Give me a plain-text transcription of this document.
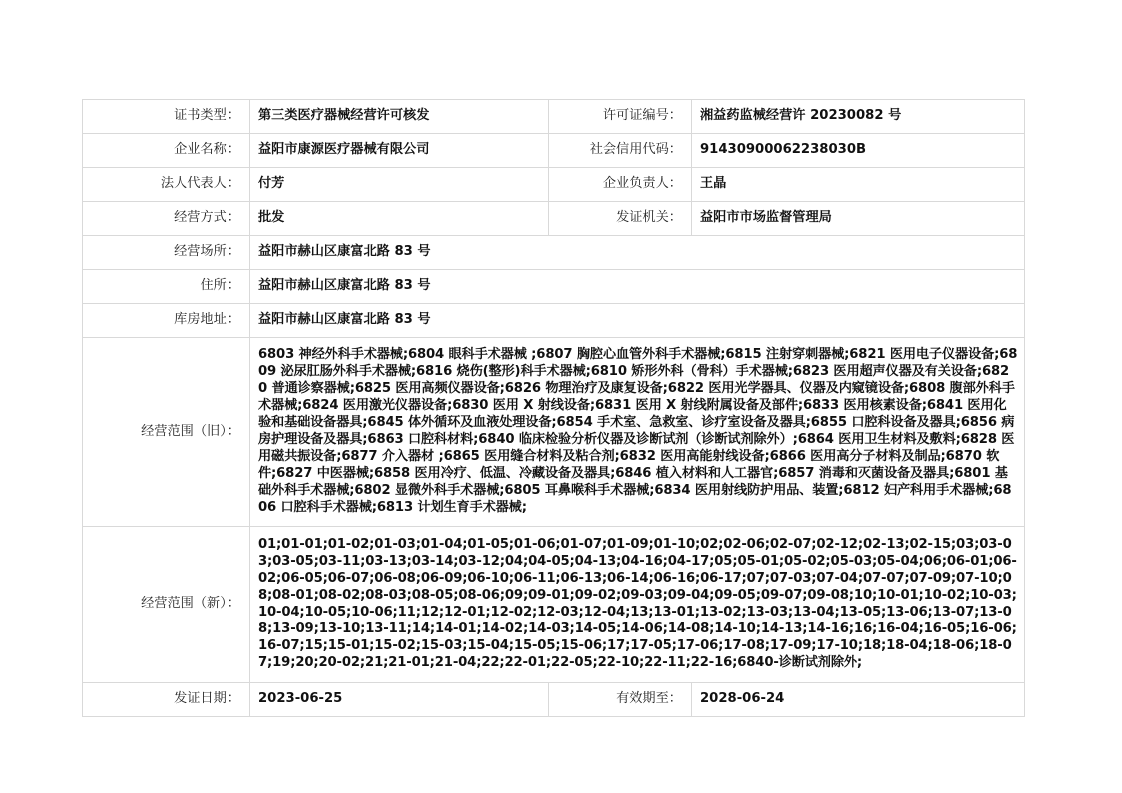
证书类型：	第三类医疗器械经营许可核发	许可证编号：	湘益药监械经营许 20230082 号
企业名称：	益阳市康源医疗器械有限公司	社会信用代码：	91430900062238030B
法人代表人：	付芳	企业负责人：	王晶
经营方式：	批发	发证机关：	益阳市市场监督管理局
经营场所：	益阳市赫山区康富北路 83 号		
住所：	益阳市赫山区康富北路 83 号		
库房地址：	益阳市赫山区康富北路 83 号		
经营范围（旧）：	6803 神经外科手术器械;6804 眼科手术器械 ;6807 胸腔心血管外科手术器械;6815 注射穿刺器械;6821 医用电子仪器设备;6809 泌尿肛肠外科手术器械;6816 烧伤(整形)科手术器械;6810 矫形外科（骨科）手术器械;6823 医用超声仪器及有关设备;6820 普通诊察器械;6825 医用高频仪器设备;6826 物理治疗及康复设备;6822 医用光学器具、仪器及内窥镜设备;6808 腹部外科手术器械;6824 医用激光仪器设备;6830 医用 X 射线设备;6831 医用 X 射线附属设备及部件;6833 医用核素设备;6841 医用化验和基础设备器具;6845 体外循环及血液处理设备;6854 手术室、急救室、诊疗室设备及器具;6855 口腔科设备及器具;6856 病房护理设备及器具;6863 口腔科材料;6840 临床检验分析仪器及诊断试剂（诊断试剂除外）;6864 医用卫生材料及敷料;6828 医用磁共振设备;6877 介入器材 ;6865 医用缝合材料及粘合剂;6832 医用高能射线设备;6866 医用高分子材料及制品;6870 软 件;6827 中医器械;6858 医用冷疗、低温、冷藏设备及器具;6846 植入材料和人工器官;6857 消毒和灭菌设备及器具;6801 基础外科手术器械;6802 显微外科手术器械;6805 耳鼻喉科手术器械;6834 医用射线防护用品、装置;6812 妇产科用手术器械;6806 口腔科手术器械;6813 计划生育手术器械;		
经营范围（新）：	01;01-01;01-02;01-03;01-04;01-05;01-06;01-07;01-09;01-10;02;02-06;02-07;02-12;02-13;02-15;03;03-03;03-05;03-11;03-13;03-14;03-12;04;04-05;04-13;04-16;04-17;05;05-01;05-02;05-03;05-04;06;06-01;06-02;06-05;06-07;06-08;06-09;06-10;06-11;06-13;06-14;06-16;06-17;07;07-03;07-04;07-07;07-09;07-10;08;08-01;08-02;08-03;08-05;08-06;09;09-01;09-02;09-03;09-04;09-05;09-07;09-08;10;10-01;10-02;10-03;10-04;10-05;10-06;11;12;12-01;12-02;12-03;12-04;13;13-01;13-02;13-03;13-04;13-05;13-06;13-07;13-08;13-09;13-10;13-11;14;14-01;14-02;14-03;14-05;14-06;14-08;14-10;14-13;14-16;16;16-04;16-05;16-06;16-07;15;15-01;15-02;15-03;15-04;15-05;15-06;17;17-05;17-06;17-08;17-09;17-10;18;18-04;18-06;18-07;19;20;20-02;21;21-01;21-04;22;22-01;22-05;22-10;22-11;22-16;6840-诊断试剂除外;		
发证日期：	2023-06-25	有效期至：	2028-06-24
